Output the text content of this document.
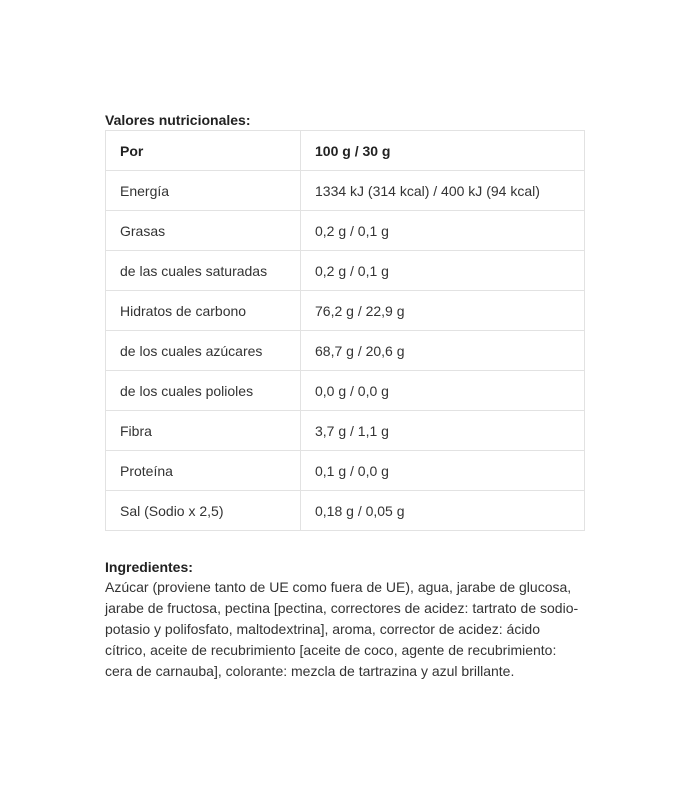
Valores nutricionales:

Por	100 g / 30 g
Energía	1334 kJ (314 kcal) / 400 kJ (94 kcal)
Grasas	0,2 g / 0,1 g
de las cuales saturadas	0,2 g / 0,1 g
Hidratos de carbono	76,2 g / 22,9 g
de los cuales azúcares	68,7 g / 20,6 g
de los cuales polioles	0,0 g / 0,0 g
Fibra	3,7 g / 1,1 g
Proteína	0,1 g / 0,0 g
Sal (Sodio x 2,5)	0,18 g / 0,05 g

Ingredientes:

Azúcar (proviene tanto de UE como fuera de UE), agua, jarabe de glucosa, jarabe de fructosa, pectina [pectina, correctores de acidez: tartrato de sodio-potasio y polifosfato, maltodextrina], aroma, corrector de acidez: ácido cítrico, aceite de recubrimiento [aceite de coco, agente de recubrimiento: cera de carnauba], colorante: mezcla de tartrazina y azul brillante.
